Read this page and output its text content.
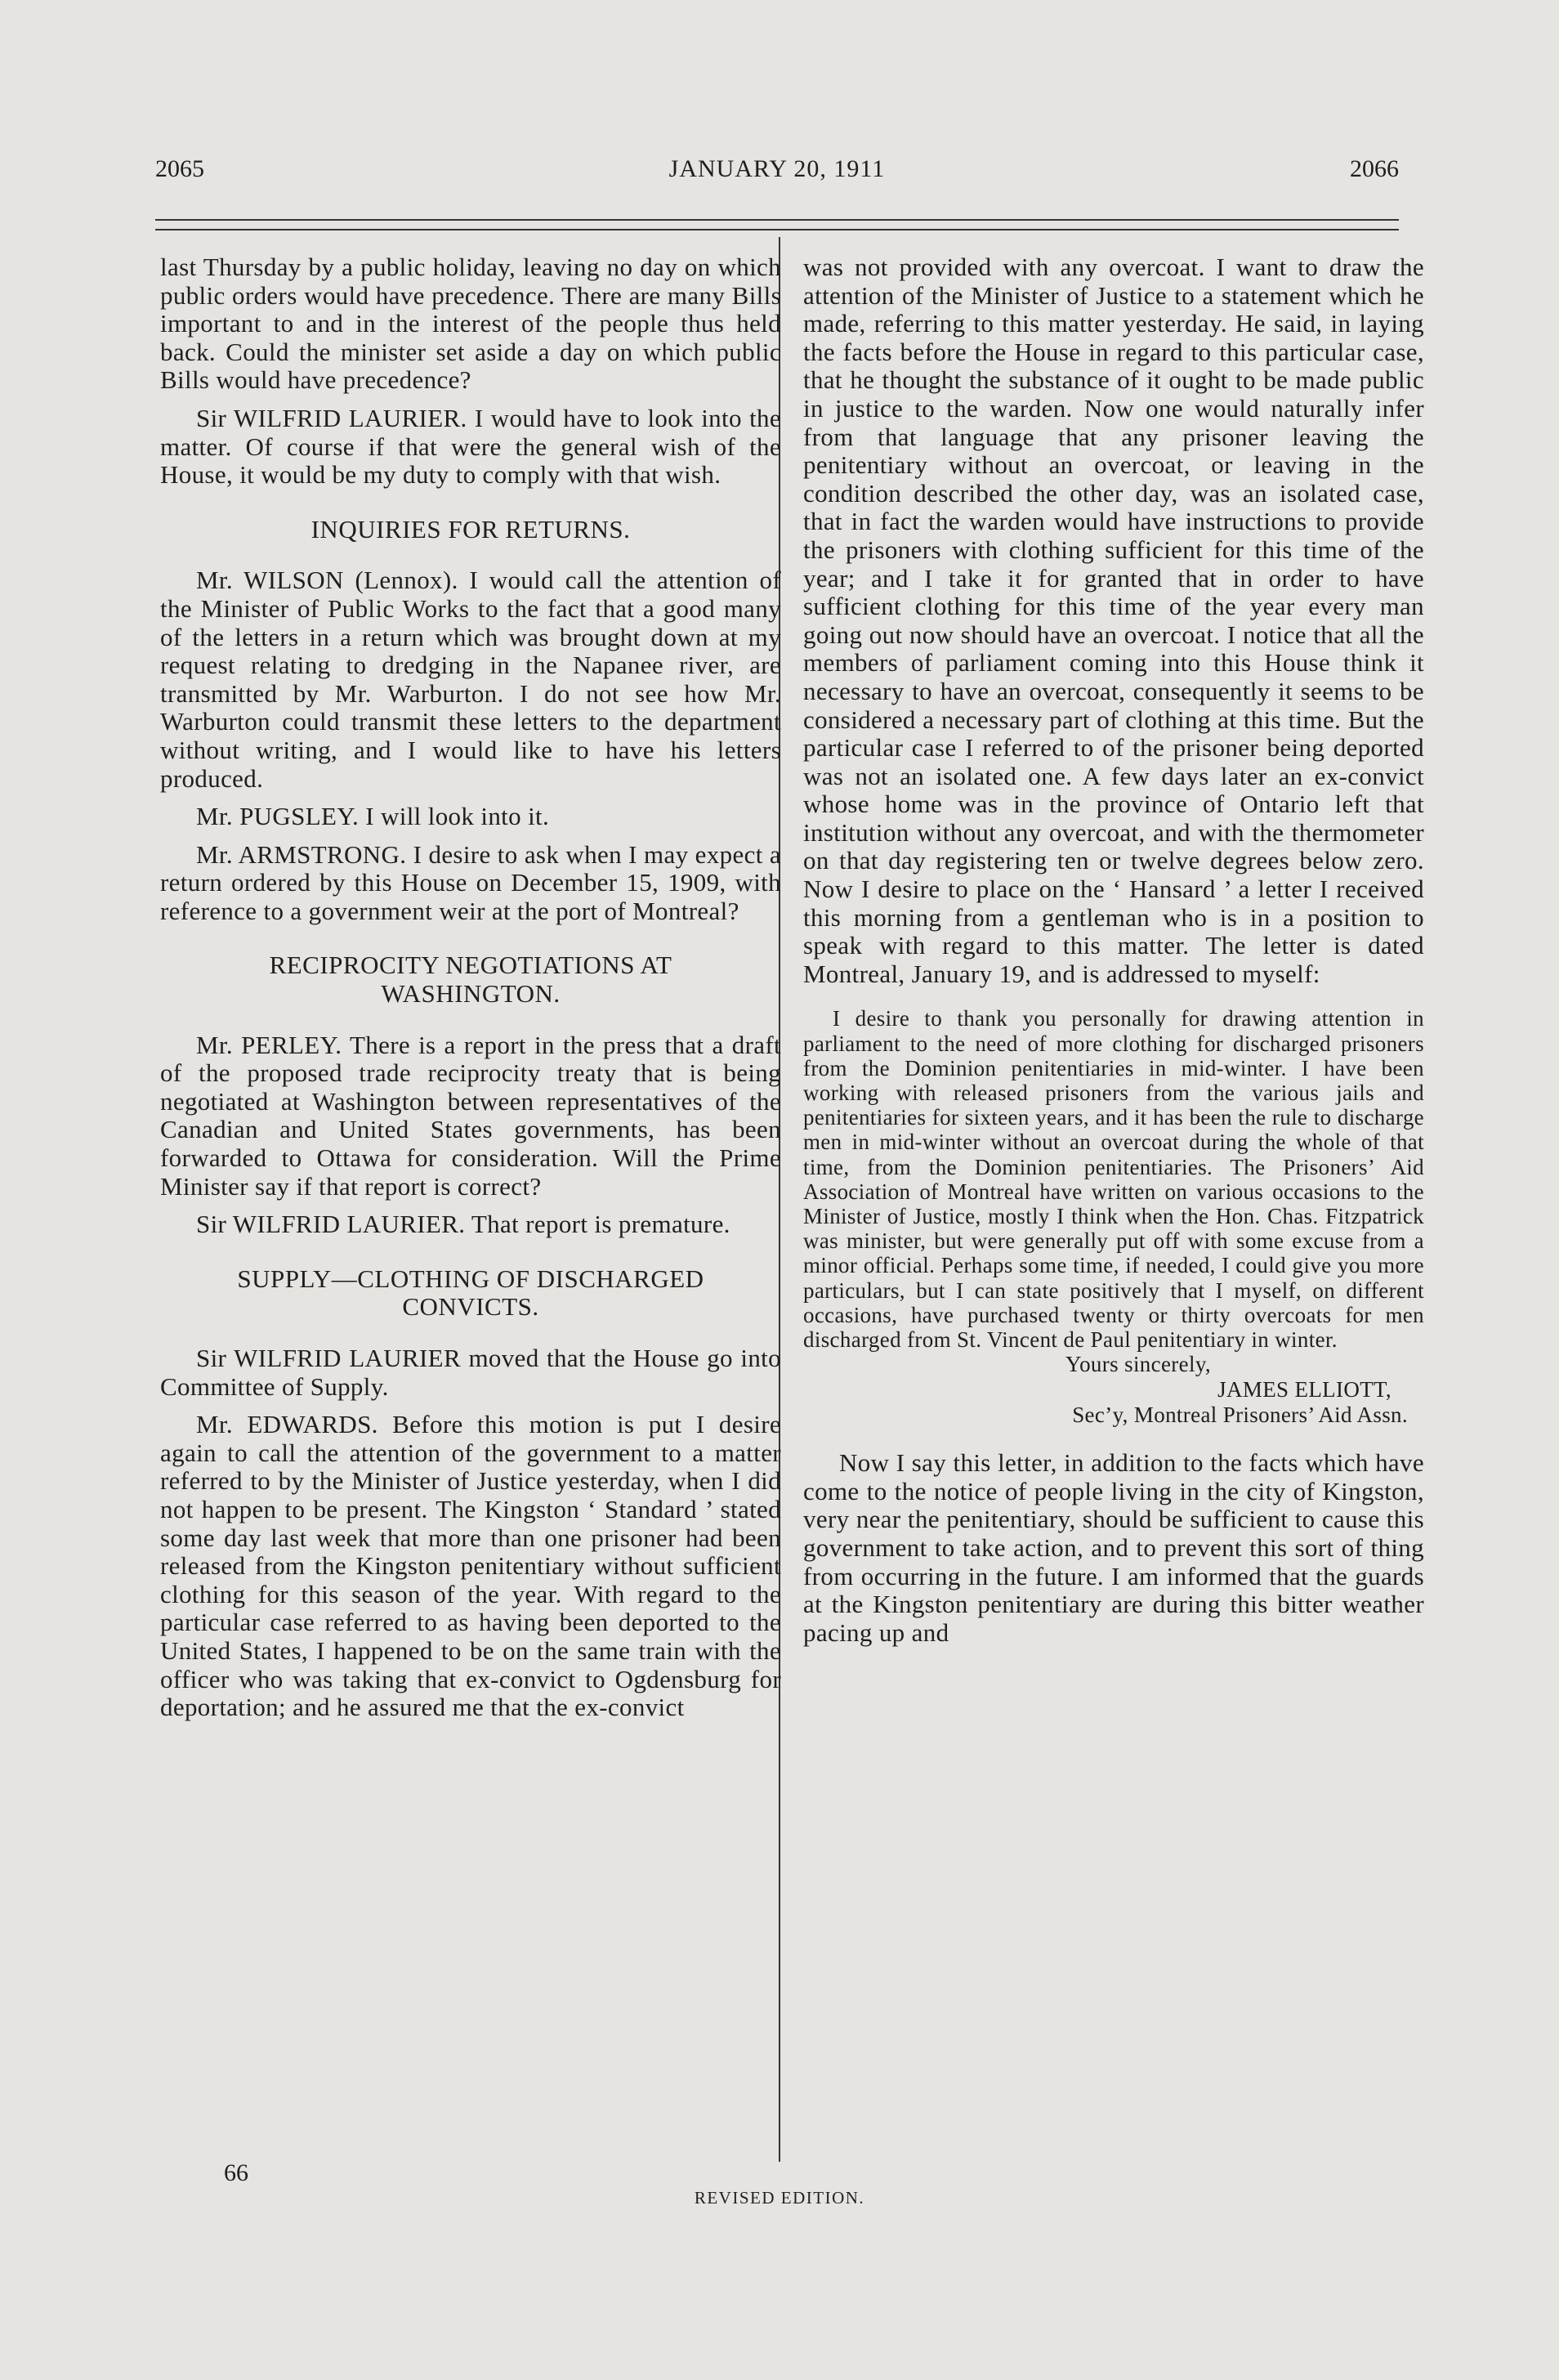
2065	JANUARY 20, 1911	2066

last Thursday by a public holiday, leaving no day on which public orders would have precedence. There are many Bills important to and in the interest of the people thus held back. Could the minister set aside a day on which public Bills would have precedence?

Sir WILFRID LAURIER. I would have to look into the matter. Of course if that were the general wish of the House, it would be my duty to comply with that wish.

INQUIRIES FOR RETURNS.

Mr. WILSON (Lennox). I would call the attention of the Minister of Public Works to the fact that a good many of the letters in a return which was brought down at my request relating to dredging in the Napanee river, are transmitted by Mr. Warburton. I do not see how Mr. Warburton could transmit these letters to the department without writing, and I would like to have his letters produced.

Mr. PUGSLEY. I will look into it.

Mr. ARMSTRONG. I desire to ask when I may expect a return ordered by this House on December 15, 1909, with reference to a government weir at the port of Montreal?

RECIPROCITY NEGOTIATIONS AT WASHINGTON.

Mr. PERLEY. There is a report in the press that a draft of the proposed trade reciprocity treaty that is being negotiated at Washington between representatives of the Canadian and United States governments, has been forwarded to Ottawa for consideration. Will the Prime Minister say if that report is correct?

Sir WILFRID LAURIER. That report is premature.

SUPPLY—CLOTHING OF DISCHARGED CONVICTS.

Sir WILFRID LAURIER moved that the House go into Committee of Supply.

Mr. EDWARDS. Before this motion is put I desire again to call the attention of the government to a matter referred to by the Minister of Justice yesterday, when I did not happen to be present. The Kingston ‘ Standard ’ stated some day last week that more than one prisoner had been released from the Kingston penitentiary without sufficient clothing for this season of the year. With regard to the particular case referred to as having been deported to the United States, I happened to be on the same train with the officer who was taking that ex-convict to Ogdensburg for deportation; and he assured me that the ex-convict

was not provided with any overcoat. I want to draw the attention of the Minister of Justice to a statement which he made, referring to this matter yesterday. He said, in laying the facts before the House in regard to this particular case, that he thought the substance of it ought to be made public in justice to the warden. Now one would naturally infer from that language that any prisoner leaving the penitentiary without an overcoat, or leaving in the condition described the other day, was an isolated case, that in fact the warden would have instructions to provide the prisoners with clothing sufficient for this time of the year; and I take it for granted that in order to have sufficient clothing for this time of the year every man going out now should have an overcoat. I notice that all the members of parliament coming into this House think it necessary to have an overcoat, consequently it seems to be considered a necessary part of clothing at this time. But the particular case I referred to of the prisoner being deported was not an isolated one. A few days later an ex-convict whose home was in the province of Ontario left that institution without any overcoat, and with the thermometer on that day registering ten or twelve degrees below zero. Now I desire to place on the ‘ Hansard ’ a letter I received this morning from a gentleman who is in a position to speak with regard to this matter. The letter is dated Montreal, January 19, and is addressed to myself:

I desire to thank you personally for drawing attention in parliament to the need of more clothing for discharged prisoners from the Dominion penitentiaries in mid-winter. I have been working with released prisoners from the various jails and penitentiaries for sixteen years, and it has been the rule to discharge men in mid-winter without an overcoat during the whole of that time, from the Dominion penitentiaries. The Prisoners’ Aid Association of Montreal have written on various occasions to the Minister of Justice, mostly I think when the Hon. Chas. Fitzpatrick was minister, but were generally put off with some excuse from a minor official. Perhaps some time, if needed, I could give you more particulars, but I can state positively that I myself, on different occasions, have purchased twenty or thirty overcoats for men discharged from St. Vincent de Paul penitentiary in winter.

Yours sincerely,
JAMES ELLIOTT,
Sec’y, Montreal Prisoners’ Aid Assn.

Now I say this letter, in addition to the facts which have come to the notice of people living in the city of Kingston, very near the penitentiary, should be sufficient to cause this government to take action, and to prevent this sort of thing from occurring in the future. I am informed that the guards at the Kingston penitentiary are during this bitter weather pacing up and

66
REVISED EDITION.
